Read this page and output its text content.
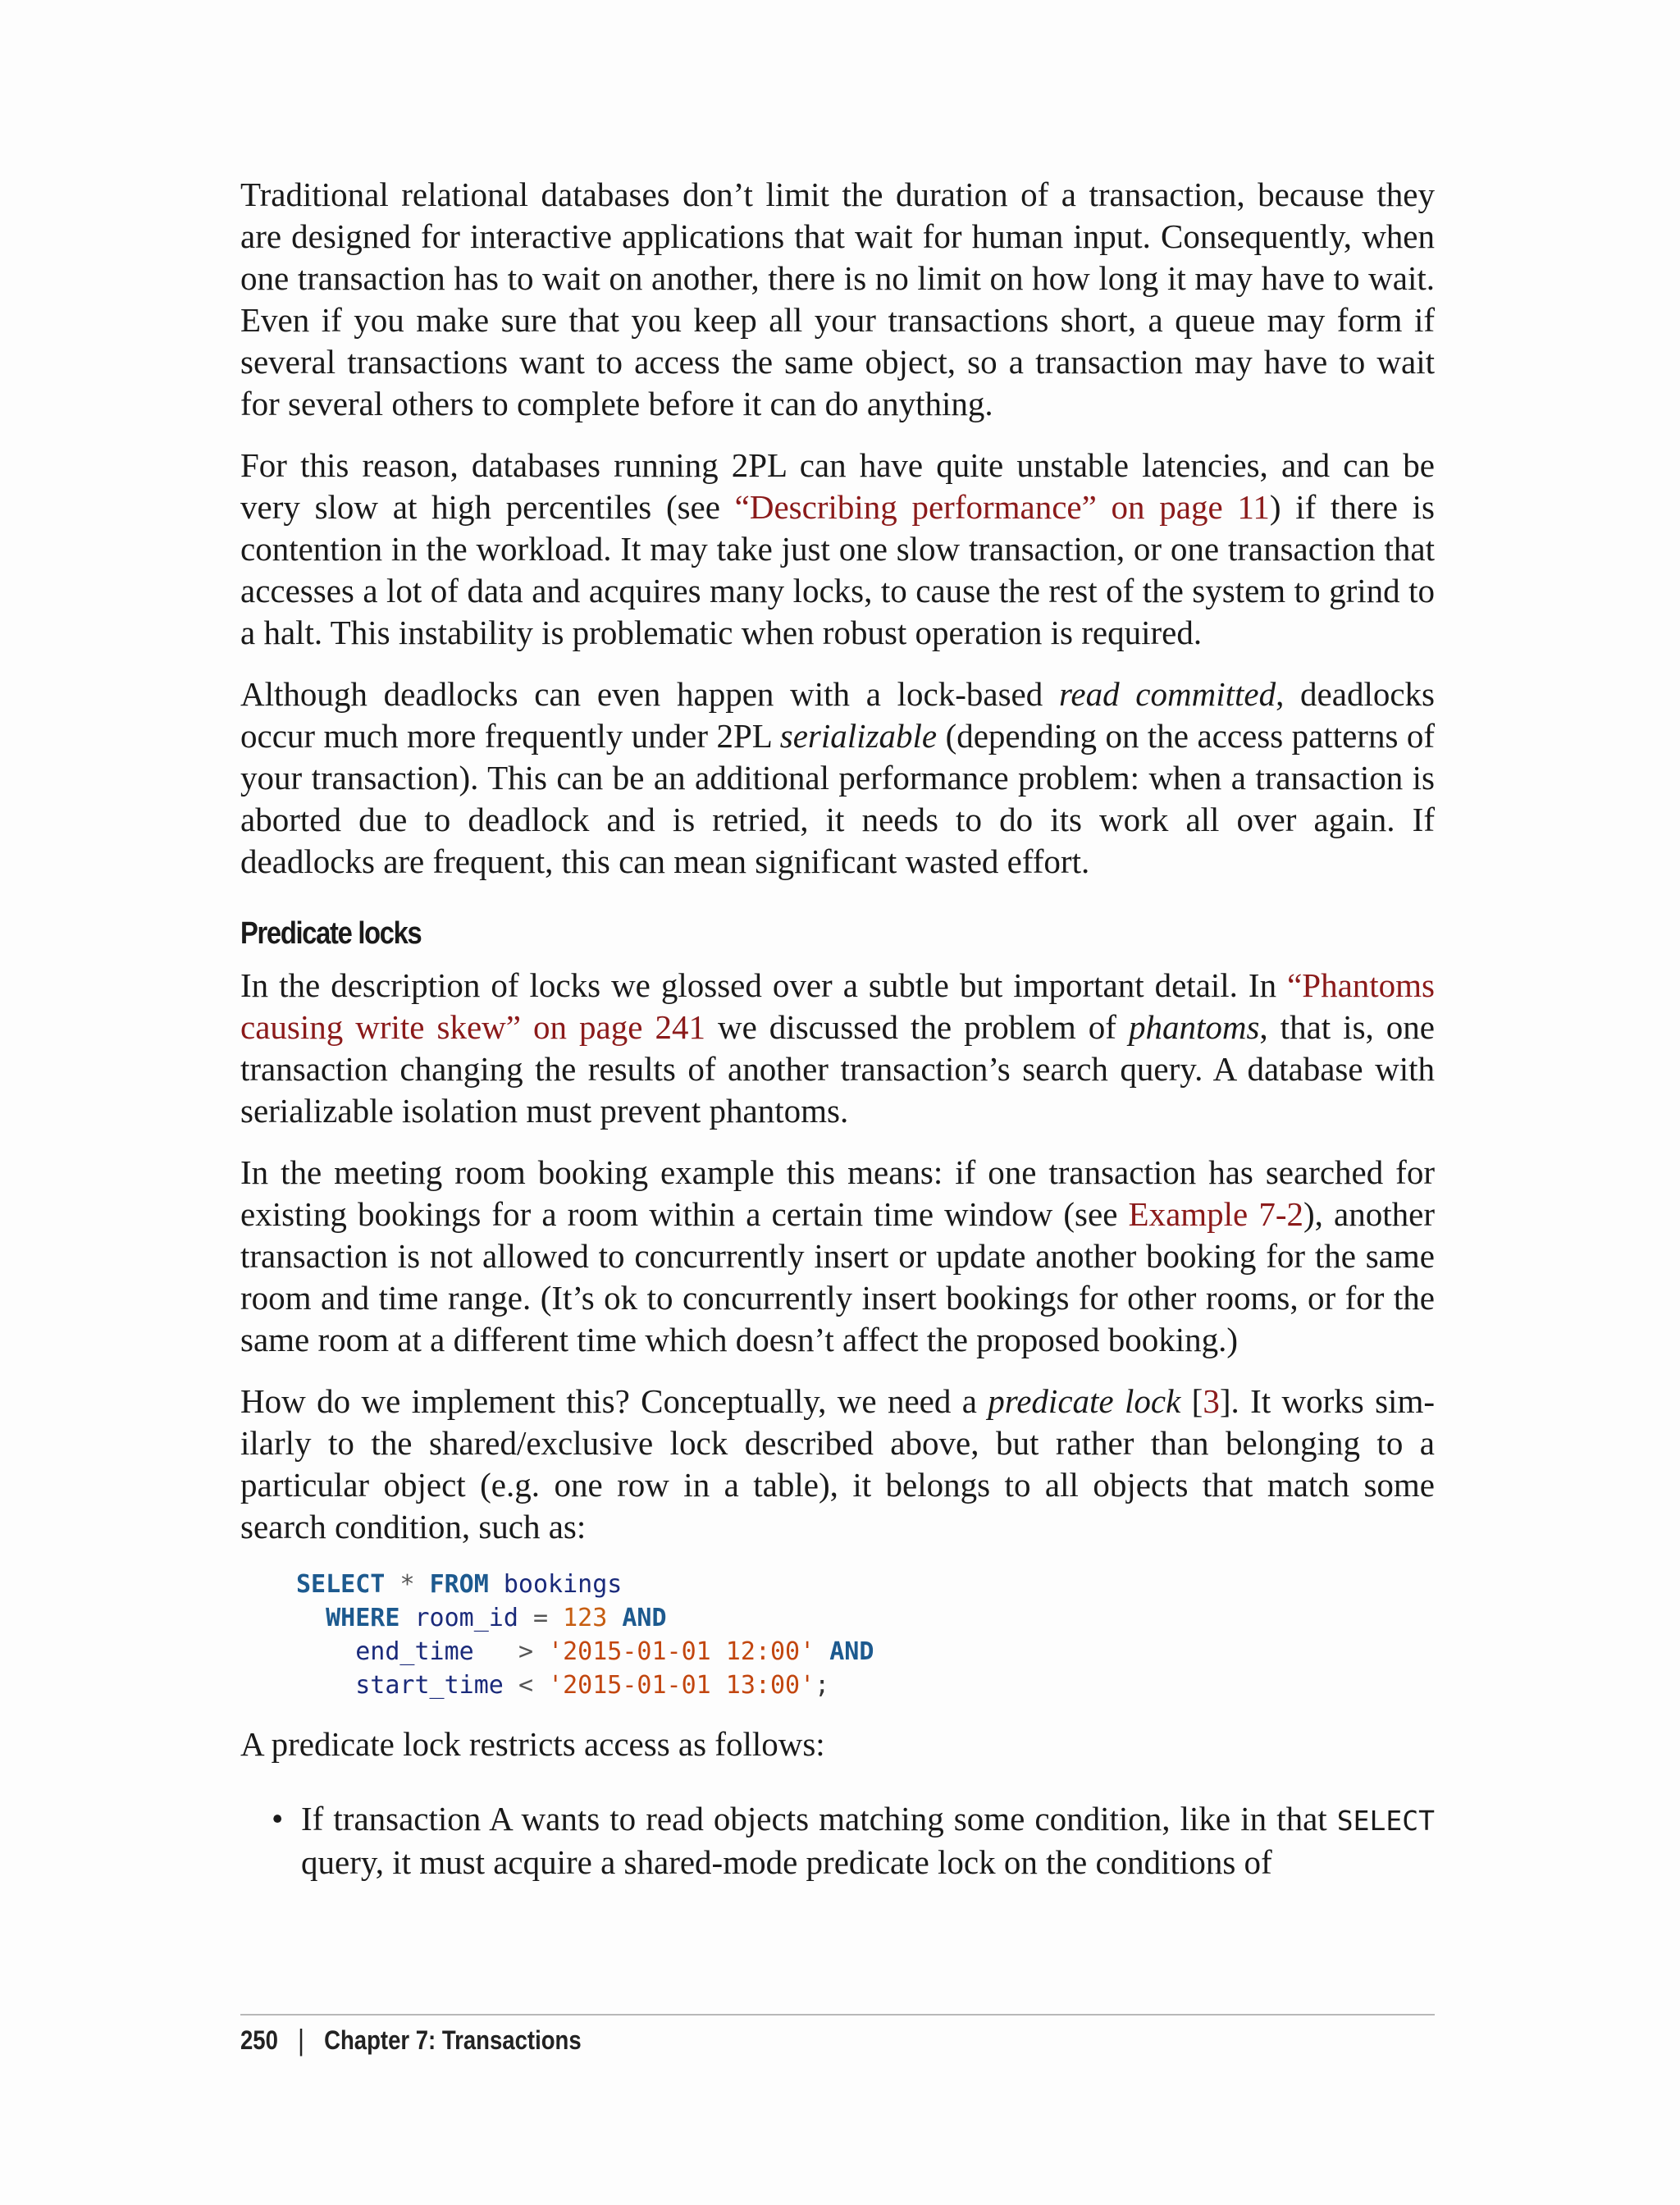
Traditional relational databases don’t limit the duration of a transaction, because they are designed for interactive applications that wait for human input. Consequently, when one transaction has to wait on another, there is no limit on how long it may have to wait. Even if you make sure that you keep all your transactions short, a queue may form if several transactions want to access the same object, so a transaction may have to wait for several others to complete before it can do anything.

For this reason, databases running 2PL can have quite unstable latencies, and can be very slow at high percentiles (see “Describing performance” on page 11) if there is contention in the workload. It may take just one slow transaction, or one transaction that accesses a lot of data and acquires many locks, to cause the rest of the system to grind to a halt. This instability is problematic when robust operation is required.

Although deadlocks can even happen with a lock-based read committed, deadlocks occur much more frequently under 2PL serializable (depending on the access patterns of your transaction). This can be an additional performance problem: when a transaction is aborted due to deadlock and is retried, it needs to do its work all over again. If deadlocks are frequent, this can mean significant wasted effort.

Predicate locks

In the description of locks we glossed over a subtle but important detail. In “Phantoms causing write skew” on page 241 we discussed the problem of phantoms, that is, one transaction changing the results of another transaction’s search query. A database with serializable isolation must prevent phantoms.

In the meeting room booking example this means: if one transaction has searched for existing bookings for a room within a certain time window (see Example 7-2), another transaction is not allowed to concurrently insert or update another booking for the same room and time range. (It’s ok to concurrently insert bookings for other rooms, or for the same room at a different time which doesn’t affect the proposed booking.)

How do we implement this? Conceptually, we need a predicate lock [3]. It works similarly to the shared/exclusive lock described above, but rather than belonging to a particular object (e.g. one row in a table), it belongs to all objects that match some search condition, such as:

SELECT * FROM bookings
WHERE room_id = 123 AND
end_time > '2015-01-01 12:00' AND
start_time < '2015-01-01 13:00';

A predicate lock restricts access as follows:

• If transaction A wants to read objects matching some condition, like in that SELECT query, it must acquire a shared-mode predicate lock on the conditions of
250 | Chapter 7: Transactions
